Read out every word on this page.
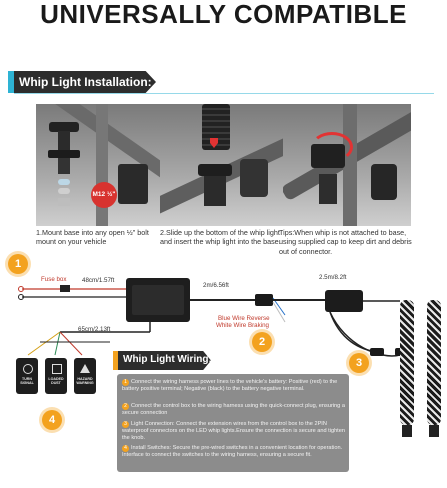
UNIVERSALLY COMPATIBLE
Whip Light Installation:
M12 ½"
1.Mount base into any open ½" bolt mount on your vehicle
2.Slide up the bottom of the whip light and insert the whip light into the base.
Tips:When whip is not attached to base, using supplied cap to keep dirt and debris out of connector.
Fuse box	48cm/1.57ft
2m/6.56ft
2.5m/8.2ft
65cm/2.13ft
Blue Wire Reverse
White Wire Braking
1
2
3
4
TURN SIGNAL
LOADED DUST
HAZARD WARNING
Whip Light Wiring:
1 Connect the wiring harness power lines to the vehicle's battery: Positive (red) to the battery positive terminal; Negative (black) to the battery negative terminal.
2 Connect the control box to the wiring harness using the quick-connect plug, ensuring a secure connection
3 Light Connection: Connect the extension wires from the control box to the 2PIN waterproof connectors on the LED whip lights.Ensure the connection is secure and tighten the knob.
4 Install Switches: Secure the pre-wired switches in a convenient location for operation. Interface to connect the switches to the wiring harness, ensuring a secure fit.
